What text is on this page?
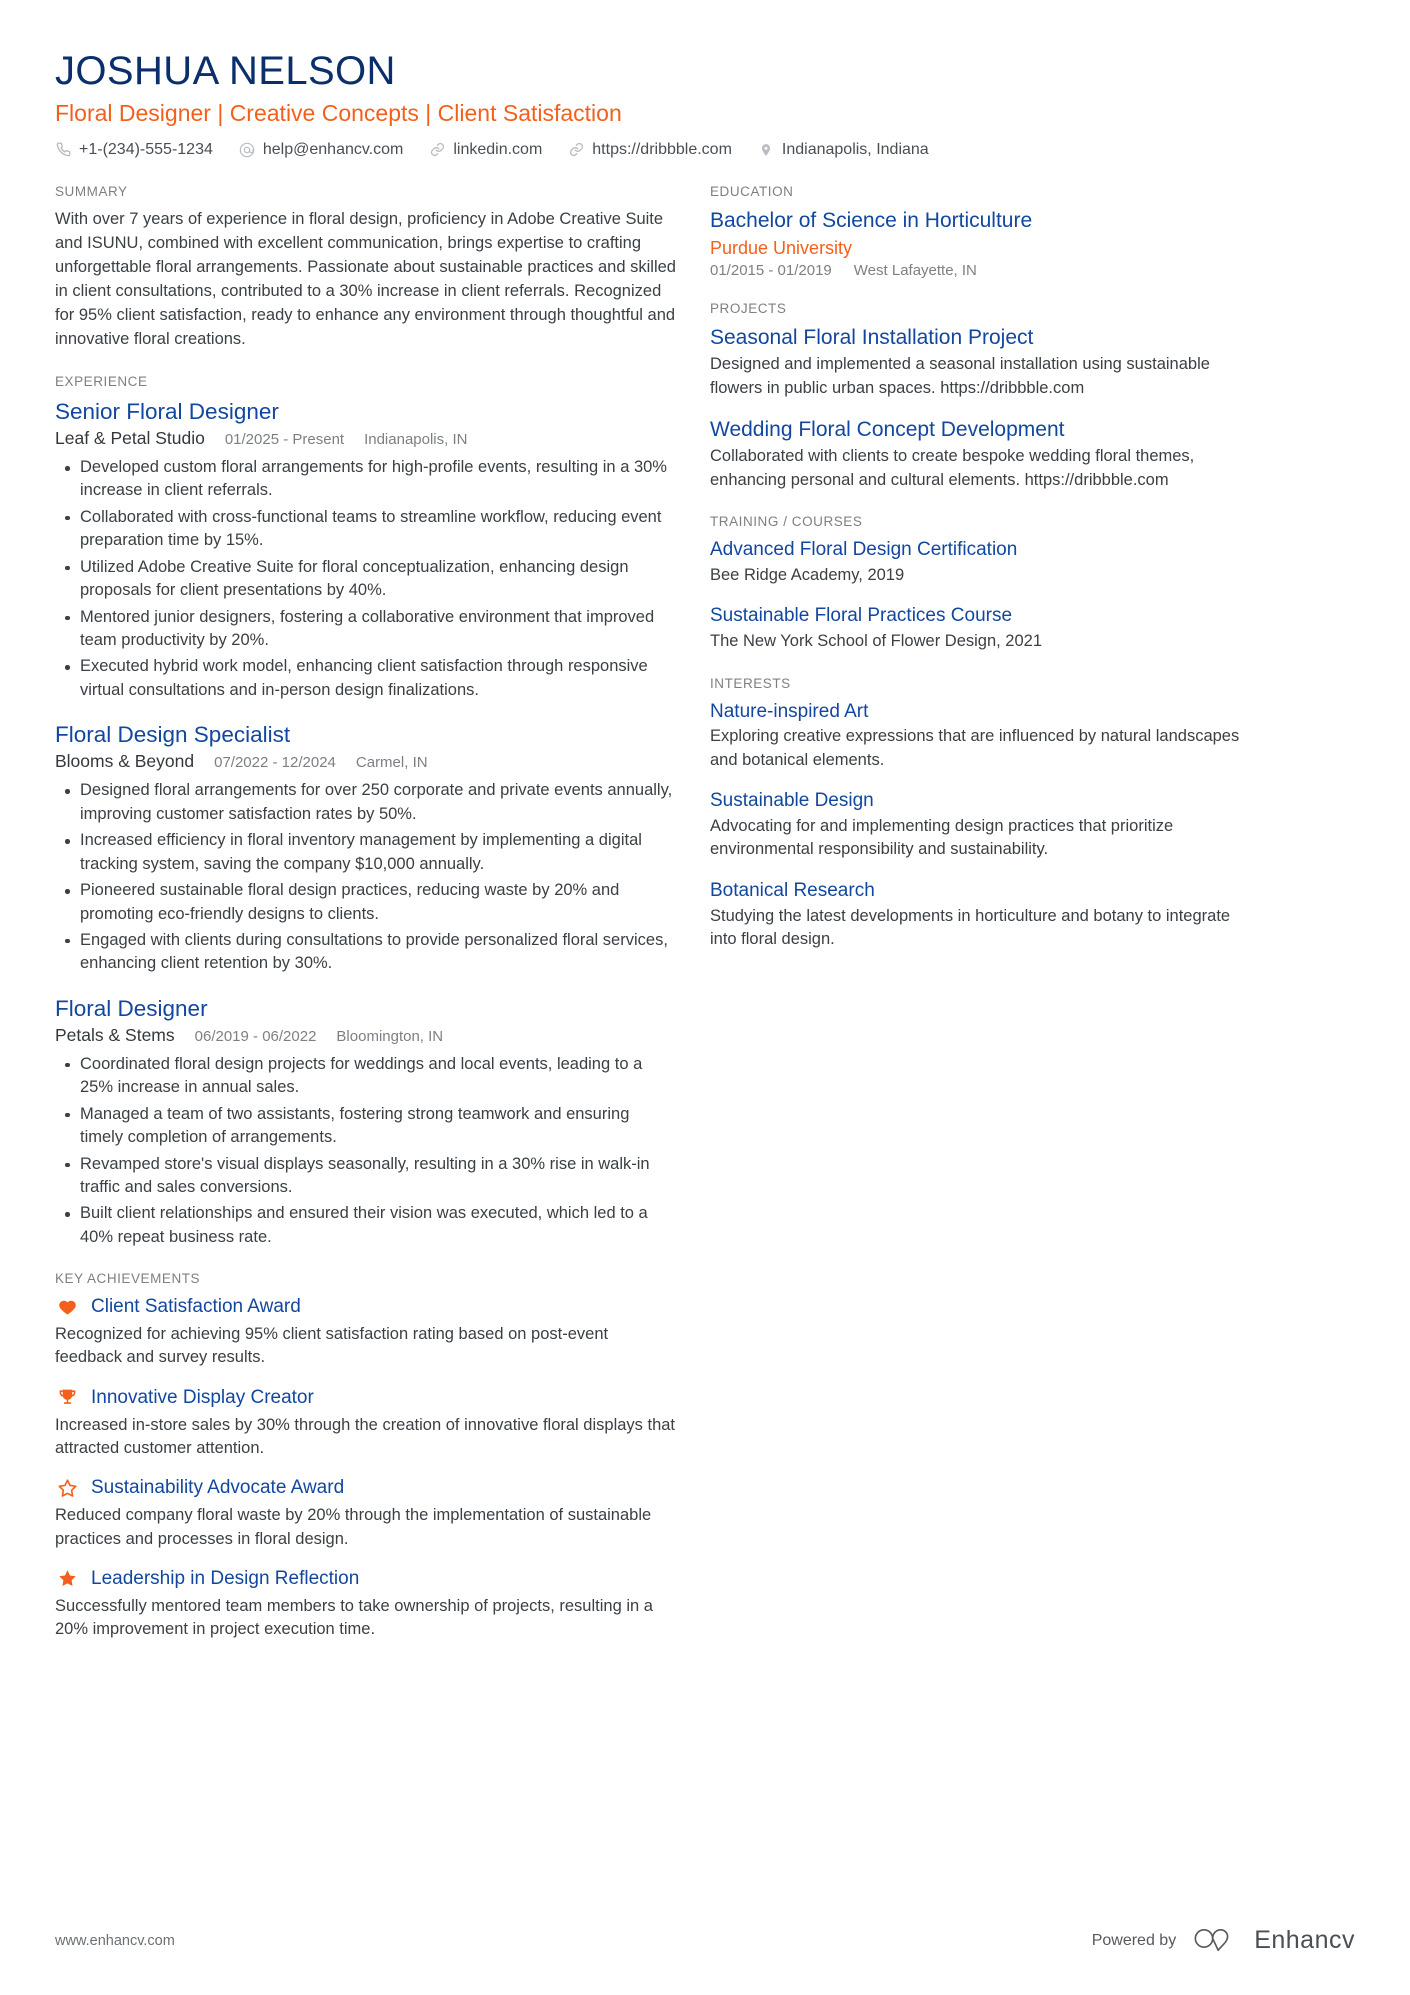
JOSHUA NELSON
Floral Designer | Creative Concepts | Client Satisfaction
+1-(234)-555-1234	help@enhancv.com	linkedin.com	https://dribbble.com	Indianapolis, Indiana
SUMMARY
With over 7 years of experience in floral design, proficiency in Adobe Creative Suite and ISUNU, combined with excellent communication, brings expertise to crafting unforgettable floral arrangements. Passionate about sustainable practices and skilled in client consultations, contributed to a 30% increase in client referrals. Recognized for 95% client satisfaction, ready to enhance any environment through thoughtful and innovative floral creations.
EXPERIENCE
Senior Floral Designer
Leaf & Petal Studio 01/2025 - Present Indianapolis, IN
Developed custom floral arrangements for high-profile events, resulting in a 30% increase in client referrals.
Collaborated with cross-functional teams to streamline workflow, reducing event preparation time by 15%.
Utilized Adobe Creative Suite for floral conceptualization, enhancing design proposals for client presentations by 40%.
Mentored junior designers, fostering a collaborative environment that improved team productivity by 20%.
Executed hybrid work model, enhancing client satisfaction through responsive virtual consultations and in-person design finalizations.
Floral Design Specialist
Blooms & Beyond 07/2022 - 12/2024 Carmel, IN
Designed floral arrangements for over 250 corporate and private events annually, improving customer satisfaction rates by 50%.
Increased efficiency in floral inventory management by implementing a digital tracking system, saving the company $10,000 annually.
Pioneered sustainable floral design practices, reducing waste by 20% and promoting eco-friendly designs to clients.
Engaged with clients during consultations to provide personalized floral services, enhancing client retention by 30%.
Floral Designer
Petals & Stems 06/2019 - 06/2022 Bloomington, IN
Coordinated floral design projects for weddings and local events, leading to a 25% increase in annual sales.
Managed a team of two assistants, fostering strong teamwork and ensuring timely completion of arrangements.
Revamped store's visual displays seasonally, resulting in a 30% rise in walk-in traffic and sales conversions.
Built client relationships and ensured their vision was executed, which led to a 40% repeat business rate.
KEY ACHIEVEMENTS
Client Satisfaction Award
Recognized for achieving 95% client satisfaction rating based on post-event feedback and survey results.
Innovative Display Creator
Increased in-store sales by 30% through the creation of innovative floral displays that attracted customer attention.
Sustainability Advocate Award
Reduced company floral waste by 20% through the implementation of sustainable practices and processes in floral design.
Leadership in Design Reflection
Successfully mentored team members to take ownership of projects, resulting in a 20% improvement in project execution time.
EDUCATION
Bachelor of Science in Horticulture
Purdue University
01/2015 - 01/2019 West Lafayette, IN
PROJECTS
Seasonal Floral Installation Project
Designed and implemented a seasonal installation using sustainable flowers in public urban spaces. https://dribbble.com
Wedding Floral Concept Development
Collaborated with clients to create bespoke wedding floral themes, enhancing personal and cultural elements. https://dribbble.com
TRAINING / COURSES
Advanced Floral Design Certification
Bee Ridge Academy, 2019
Sustainable Floral Practices Course
The New York School of Flower Design, 2021
INTERESTS
Nature-inspired Art
Exploring creative expressions that are influenced by natural landscapes and botanical elements.
Sustainable Design
Advocating for and implementing design practices that prioritize environmental responsibility and sustainability.
Botanical Research
Studying the latest developments in horticulture and botany to integrate into floral design.
www.enhancv.com	Powered by	Enhancv
